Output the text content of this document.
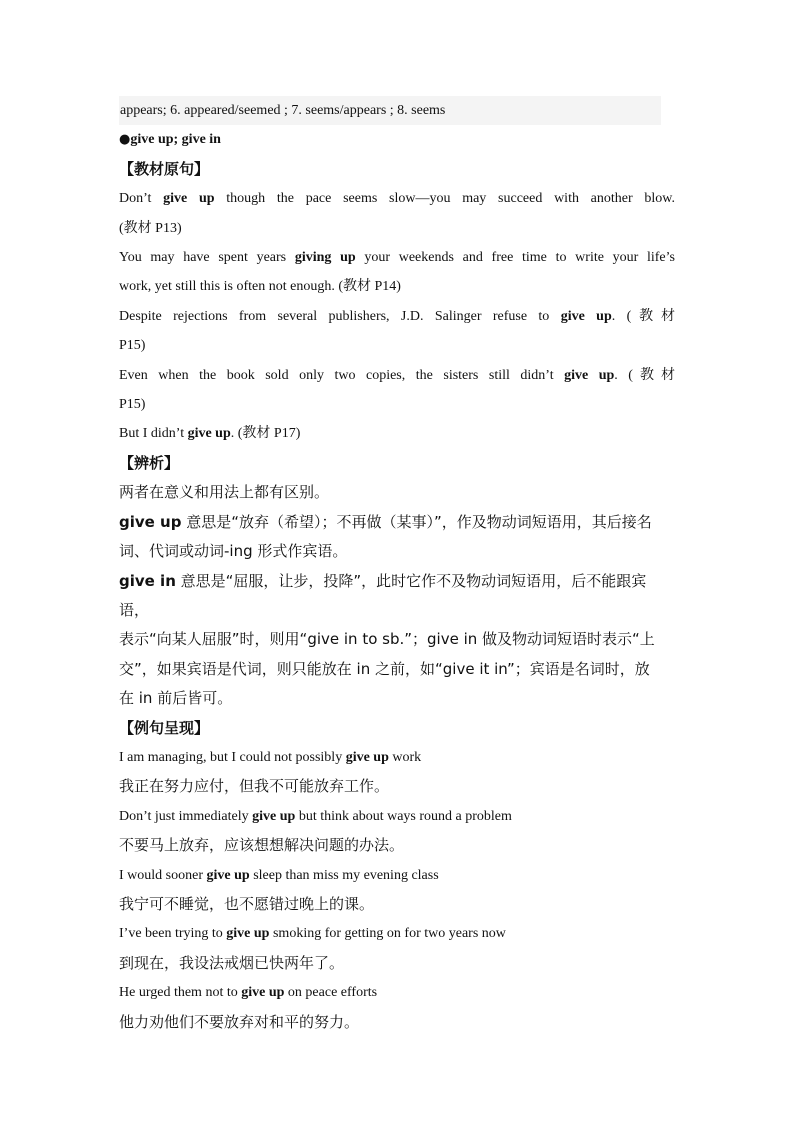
appears; 6. appeared/seemed ; 7. seems/appears ; 8. seems
●give up; give in
【教材原句】
Don’t give up though the pace seems slow—you may succeed with another blow.
(教材 P13)
You may have spent years giving up your weekends and free time to write your life’s
work, yet still this is often not enough. (教材 P14)
Despite rejections from several publishers, J.D. Salinger refuse to give up. (教材
P15)
Even when the book sold only two copies, the sisters still didn’t give up. (教材
P15)
But I didn’t give up. (教材 P17)
【辨析】
两者在意义和用法上都有区别。
give up 意思是“放弃（希望）；不再做（某事）”，作及物动词短语用，其后接名
词、代词或动词-ing 形式作宾语。
give in 意思是“屈服，让步，投降”，此时它作不及物动词短语用，后不能跟宾语，
表示“向某人屈服”时，则用“give in to sb.”；give in 做及物动词短语时表示“上
交”，如果宾语是代词，则只能放在 in 之前，如“give it in”；宾语是名词时，放
在 in 前后皆可。
【例句呈现】
I am managing, but I could not possibly give up work
我正在努力应付，但我不可能放弃工作。
Don’t just immediately give up but think about ways round a problem
不要马上放弃，应该想想解决问题的办法。
I would sooner give up sleep than miss my evening class
我宁可不睡觉，也不愿错过晚上的课。
I’ve been trying to give up smoking for getting on for two years now
到现在，我设法戒烟已快两年了。
He urged them not to give up on peace efforts
他力劝他们不要放弃对和平的努力。
